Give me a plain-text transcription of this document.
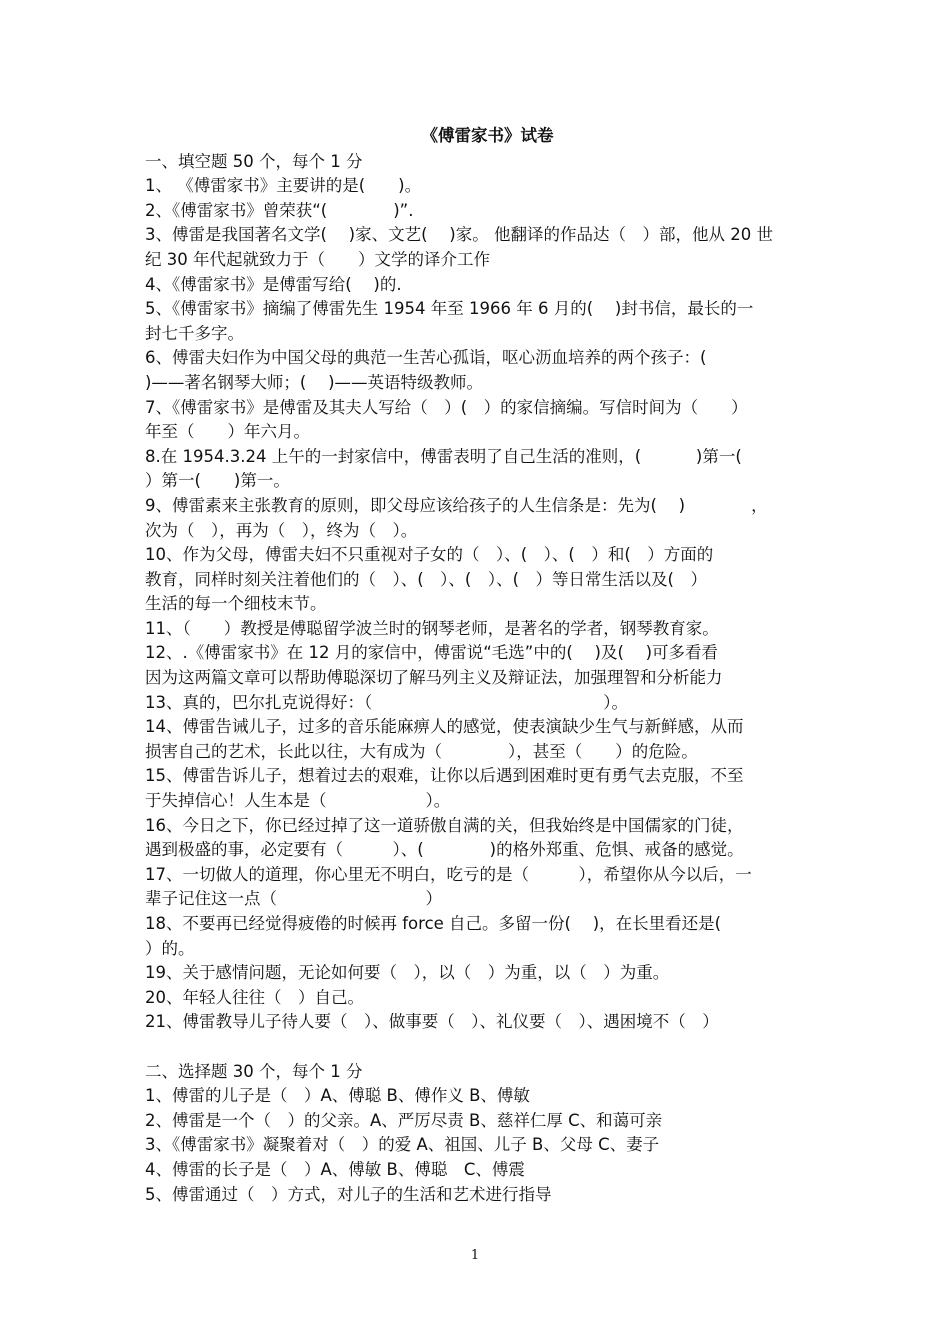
《傅雷家书》试卷
一、填空题 50 个，每个 1 分
1、 《傅雷家书》主要讲的是(　　)。
2、《傅雷家书》曾荣获“(　　　　)”.
3、傅雷是我国著名文学(　 )家、文艺(　 )家。 他翻译的作品达（　）部，他从 20 世
纪 30 年代起就致力于（　　）文学的译介工作
4、《傅雷家书》是傅雷写给(　 )的.
5、《傅雷家书》摘编了傅雷先生 1954 年至 1966 年 6 月的(　 )封书信，最长的一
封七千多字。
6、傅雷夫妇作为中国父母的典范一生苦心孤诣，呕心沥血培养的两个孩子：(
)——著名钢琴大师；(　 )——英语特级教师。
7、《傅雷家书》是傅雷及其夫人写给（　）(　）的家信摘编。写信时间为（　　）
年至（　　）年六月。
8.在 1954.3.24 上午的一封家信中，傅雷表明了自己生活的准则，(　　　 )第一(
）第一(　　)第一。
9、傅雷素来主张教育的原则，即父母应该给孩子的人生信条是：先为(　 )　　　　，
次为（　），再为（　），终为（　）。
10、作为父母，傅雷夫妇不只重视对子女的（　）、(　）、(　）和(　）方面的
教育，同样时刻关注着他们的（　）、(　）、(　）、(　）等日常生活以及(　）
生活的每一个细枝末节。
11、（　　）教授是傅聪留学波兰时的钢琴老师，是著名的学者，钢琴教育家。
12、.《傅雷家书》在 12 月的家信中，傅雷说“毛选”中的(　 )及(　 )可多看看
因为这两篇文章可以帮助傅聪深切了解马列主义及辩证法，加强理智和分析能力
13、真的，巴尔扎克说得好：（　　　　　　　　　　　　　　）。
14、傅雷告诫儿子，过多的音乐能麻痹人的感觉，使表演缺少生气与新鲜感，从而
损害自己的艺术，长此以往，大有成为（　　　　），甚至（　　）的危险。
15、傅雷告诉儿子，想着过去的艰难，让你以后遇到困难时更有勇气去克服，不至
于失掉信心！人生本是（　　　　　　）。
16、今日之下，你已经过掉了这一道骄傲自满的关，但我始终是中国儒家的门徒，
遇到极盛的事，必定要有（　　　）、(　　　　)的格外郑重、危惧、戒备的感觉。
17、一切做人的道理，你心里无不明白，吃亏的是（　　　），希望你从今以后，一
辈子记住这一点（　　　　　　　　　）
18、不要再已经觉得疲倦的时候再 force 自己。多留一份(　 )，在长里看还是(
）的。
19、关于感情问题，无论如何要（　），以（　）为重，以（　）为重。
20、年轻人往往（　）自己。
21、傅雷教导儿子待人要（　）、做事要（　）、礼仪要（　）、遇困境不（　）
二、选择题 30 个，每个 1 分
1、傅雷的儿子是（　）A、傅聪 B、傅作义 B、傅敏
2、傅雷是一个（　）的父亲。A、严厉尽责 B、慈祥仁厚 C、和蔼可亲
3、《傅雷家书》凝聚着对（　）的爱 A、祖国、儿子 B、父母 C、妻子
4、傅雷的长子是（　）A、傅敏 B、傅聪　C、傅震
5、傅雷通过（　）方式，对儿子的生活和艺术进行指导
1
